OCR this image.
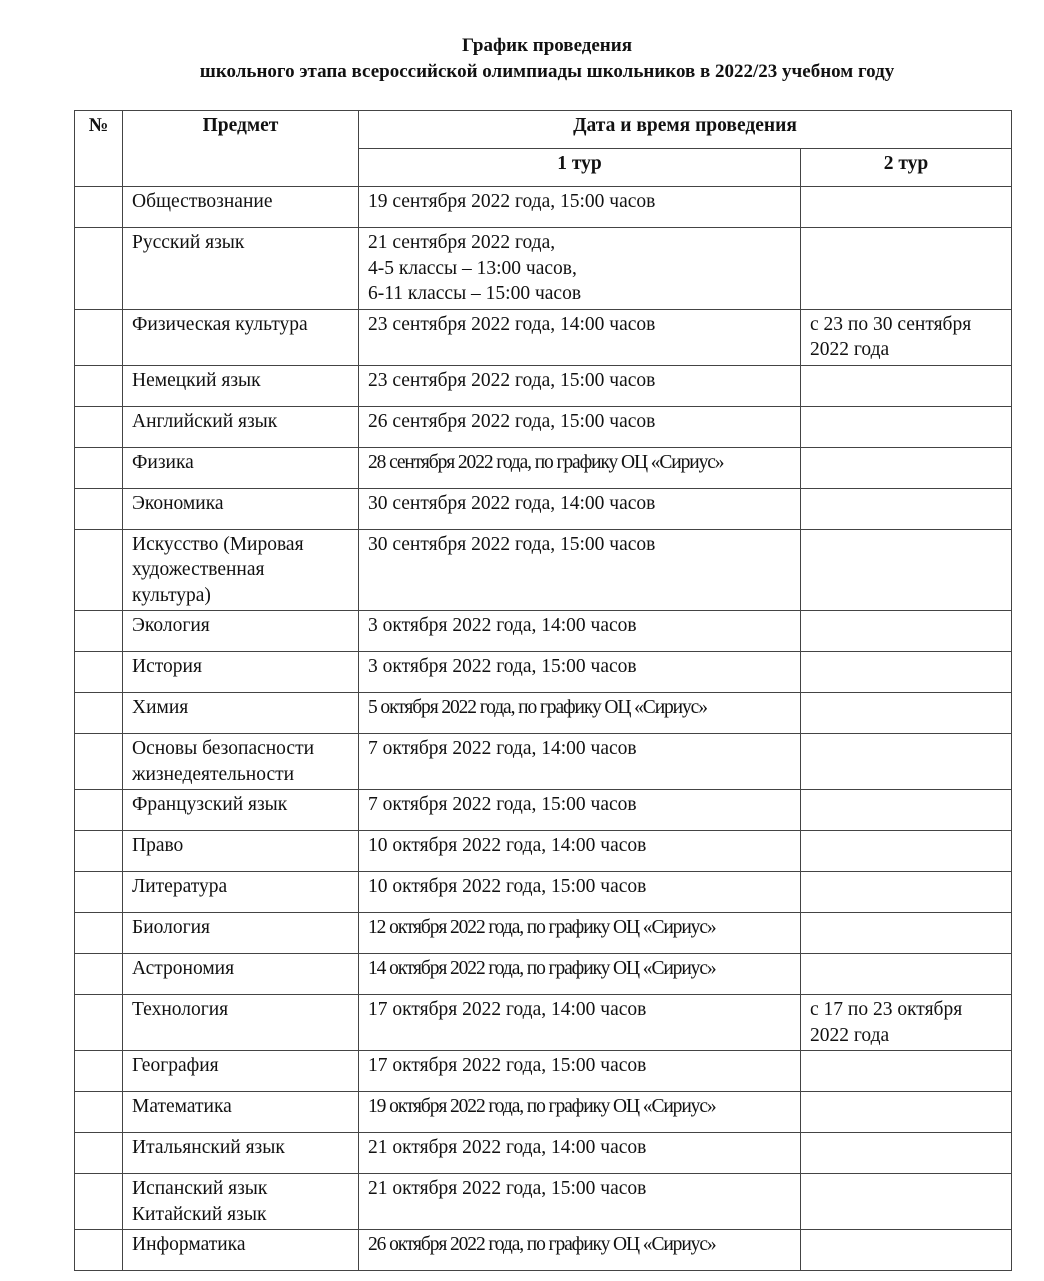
График проведения
школьного этапа всероссийской олимпиады школьников в 2022/23 учебном году
№	Предмет	Дата и время проведения	
		1 тур	2 тур

	Обществознание	19 сентября 2022 года, 15:00 часов	

	Русский язык	21 сентября 2022 года,
4-5 классы – 13:00 часов,
6-11 классы – 15:00 часов	

	Физическая культура	23 сентября 2022 года, 14:00 часов	с 23 по 30 сентября
2022 года

	Немецкий язык	23 сентября 2022 года, 15:00 часов	

	Английский язык	26 сентября 2022 года, 15:00 часов	

	Физика	28 сентября 2022 года, по графику ОЦ «Сириус»	

	Экономика	30 сентября 2022 года, 14:00 часов	

	Искусство (Мировая
художественная
культура)	30 сентября 2022 года, 15:00 часов	

	Экология	3 октября 2022 года, 14:00 часов	

	История	3 октября 2022 года, 15:00 часов	

	Химия	5 октября 2022 года, по графику ОЦ «Сириус»	

	Основы безопасности
жизнедеятельности	7 октября 2022 года, 14:00 часов	

	Французский язык	7 октября 2022 года, 15:00 часов	

	Право	10 октября 2022 года, 14:00 часов	

	Литература	10 октября 2022 года, 15:00 часов	

	Биология	12 октября 2022 года, по графику ОЦ «Сириус»	

	Астрономия	14 октября 2022 года, по графику ОЦ «Сириус»	

	Технология	17 октября 2022 года, 14:00 часов	с 17 по 23 октября
2022 года

	География	17 октября 2022 года, 15:00 часов	

	Математика	19 октября 2022 года, по графику ОЦ «Сириус»	

	Итальянский язык	21 октября 2022 года, 14:00 часов	

	Испанский язык
Китайский язык	21 октября 2022 года, 15:00 часов	

	Информатика	26 октября 2022 года, по графику ОЦ «Сириус»	
